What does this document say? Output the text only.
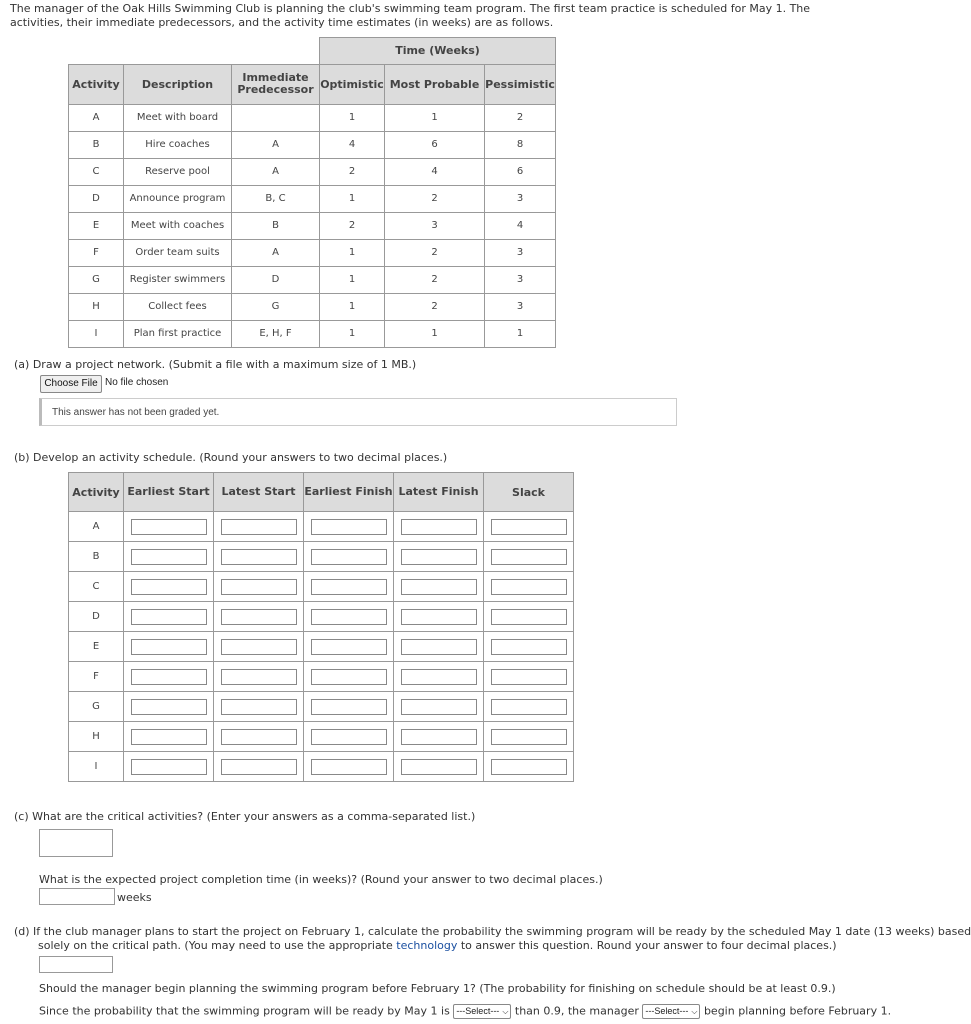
The manager of the Oak Hills Swimming Club is planning the club's swimming team program. The first team practice is scheduled for May 1. The activities, their immediate predecessors, and the activity time estimates (in weeks) are as follows.
			Time (Weeks)		
Activity	Description	Immediate Predecessor	Optimistic	Most Probable	Pessimistic
A	Meet with board		1	1	2
B	Hire coaches	A	4	6	8
C	Reserve pool	A	2	4	6
D	Announce program	B, C	1	2	3
E	Meet with coaches	B	2	3	4
F	Order team suits	A	1	2	3
G	Register swimmers	D	1	2	3
H	Collect fees	G	1	2	3
I	Plan first practice	E, H, F	1	1	1
(a) Draw a project network. (Submit a file with a maximum size of 1 MB.)
Choose File No file chosen
This answer has not been graded yet.
(b) Develop an activity schedule. (Round your answers to two decimal places.)
Activity	Earliest Start	Latest Start	Earliest Finish	Latest Finish	Slack
A	

B	

C	

D	

E	

F	

G	

H	

I	

(c) What are the critical activities? (Enter your answers as a comma-separated list.)
What is the expected project completion time (in weeks)? (Round your answer to two decimal places.)
weeks
(d) If the club manager plans to start the project on February 1, calculate the probability the swimming program will be ready by the scheduled May 1 date (13 weeks) based
solely on the critical path. (You may need to use the appropriate technology to answer this question. Round your answer to four decimal places.)
Should the manager begin planning the swimming program before February 1? (The probability for finishing on schedule should be at least 0.9.)
Since the probability that the swimming program will be ready by May 1 is ---Select--- ⌵ than 0.9, the manager ---Select--- ⌵ begin planning before February 1.
